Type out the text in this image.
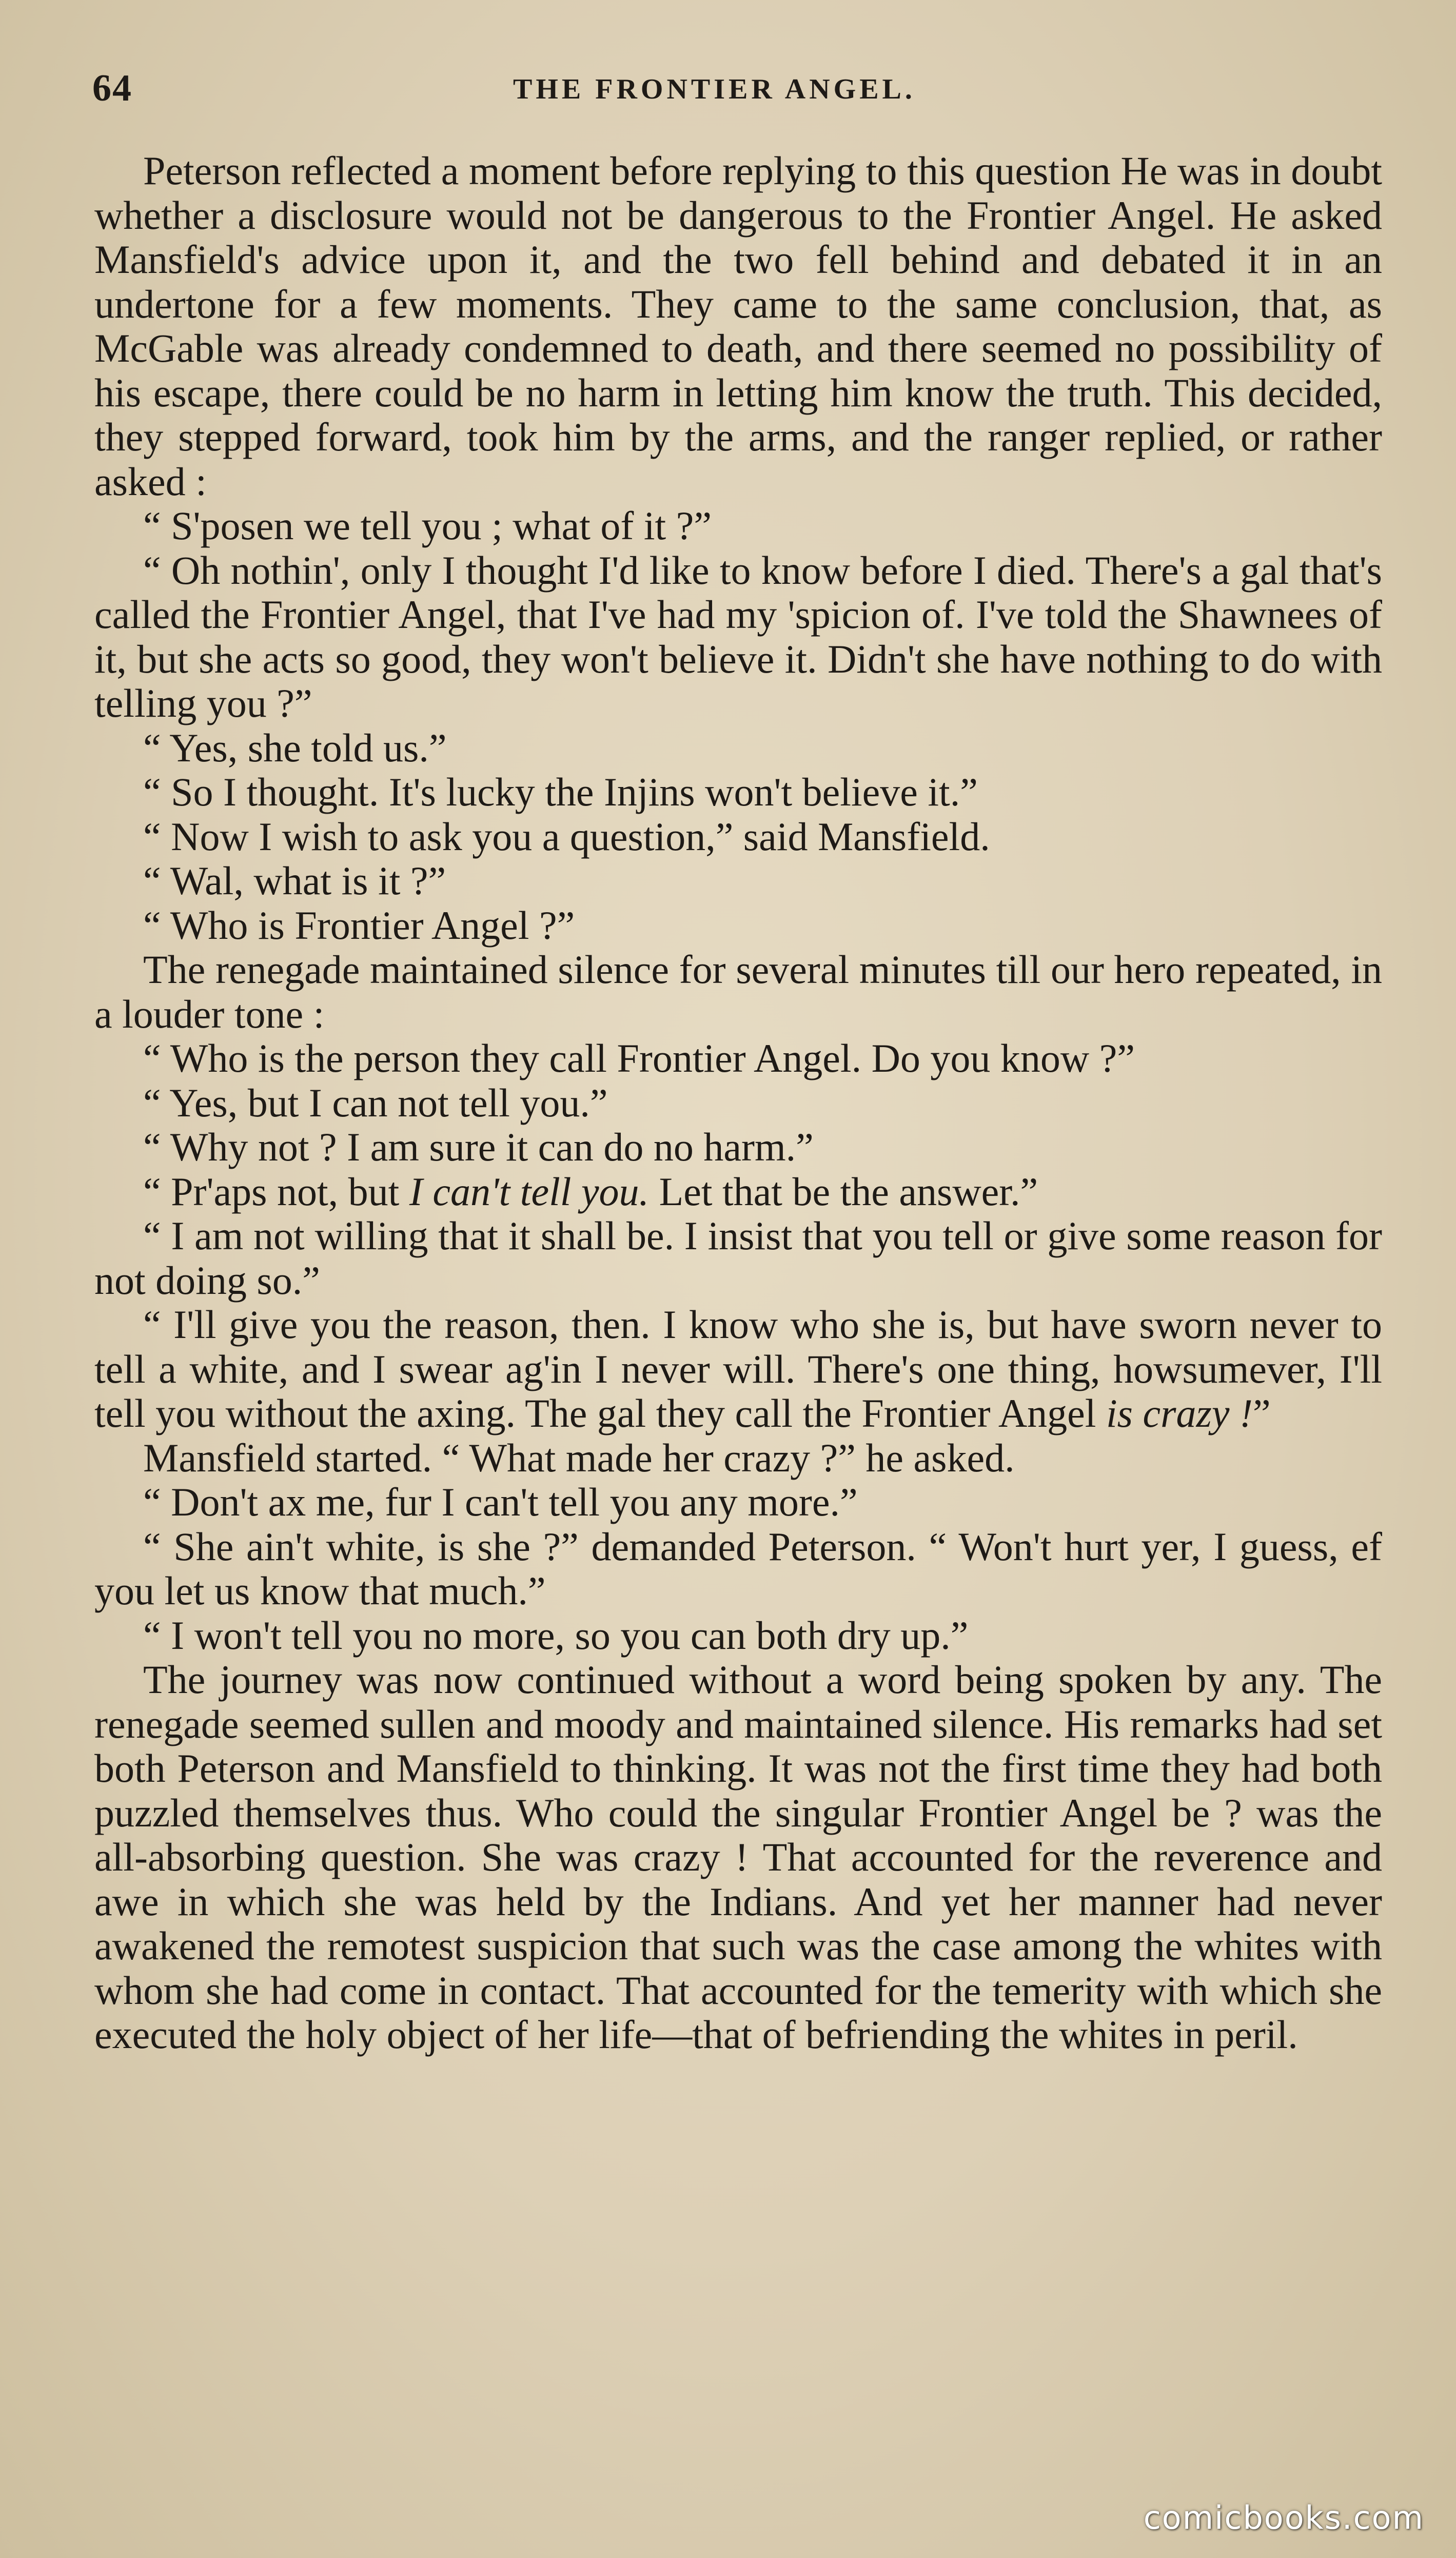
64	THE FRONTIER ANGEL.

Peterson reflected a moment before replying to this question He was in doubt whether a disclosure would not be dangerous to the Frontier Angel. He asked Mansfield's advice upon it, and the two fell behind and debated it in an undertone for a few moments. They came to the same conclusion, that, as McGable was already condemned to death, and there seemed no possibility of his escape, there could be no harm in letting him know the truth. This decided, they stepped forward, took him by the arms, and the ranger replied, or rather asked :

“ S'posen we tell you ; what of it ?”

“ Oh nothin', only I thought I'd like to know before I died. There's a gal that's called the Frontier Angel, that I've had my 'spicion of. I've told the Shawnees of it, but she acts so good, they won't believe it. Didn't she have nothing to do with telling you ?”

“ Yes, she told us.”

“ So I thought. It's lucky the Injins won't believe it.”

“ Now I wish to ask you a question,” said Mansfield.

“ Wal, what is it ?”

“ Who is Frontier Angel ?”

The renegade maintained silence for several minutes till our hero repeated, in a louder tone :

“ Who is the person they call Frontier Angel. Do you know ?”

“ Yes, but I can not tell you.”

“ Why not ? I am sure it can do no harm.”

“ Pr'aps not, but I can't tell you. Let that be the answer.”

“ I am not willing that it shall be. I insist that you tell or give some reason for not doing so.”

“ I'll give you the reason, then. I know who she is, but have sworn never to tell a white, and I swear ag'in I never will. There's one thing, howsumever, I'll tell you without the axing. The gal they call the Frontier Angel is crazy !”

Mansfield started. “ What made her crazy ?” he asked.

“ Don't ax me, fur I can't tell you any more.”

“ She ain't white, is she ?” demanded Peterson. “ Won't hurt yer, I guess, ef you let us know that much.”

“ I won't tell you no more, so you can both dry up.”

The journey was now continued without a word being spoken by any. The renegade seemed sullen and moody and maintained silence. His remarks had set both Peterson and Mansfield to thinking. It was not the first time they had both puzzled themselves thus. Who could the singular Frontier Angel be ? was the all-absorbing question. She was crazy ! That accounted for the reverence and awe in which she was held by the Indians. And yet her manner had never awakened the remotest suspicion that such was the case among the whites with whom she had come in contact. That accounted for the temerity with which she executed the holy object of her life—that of befriending the whites in peril.

comicbooks.com
